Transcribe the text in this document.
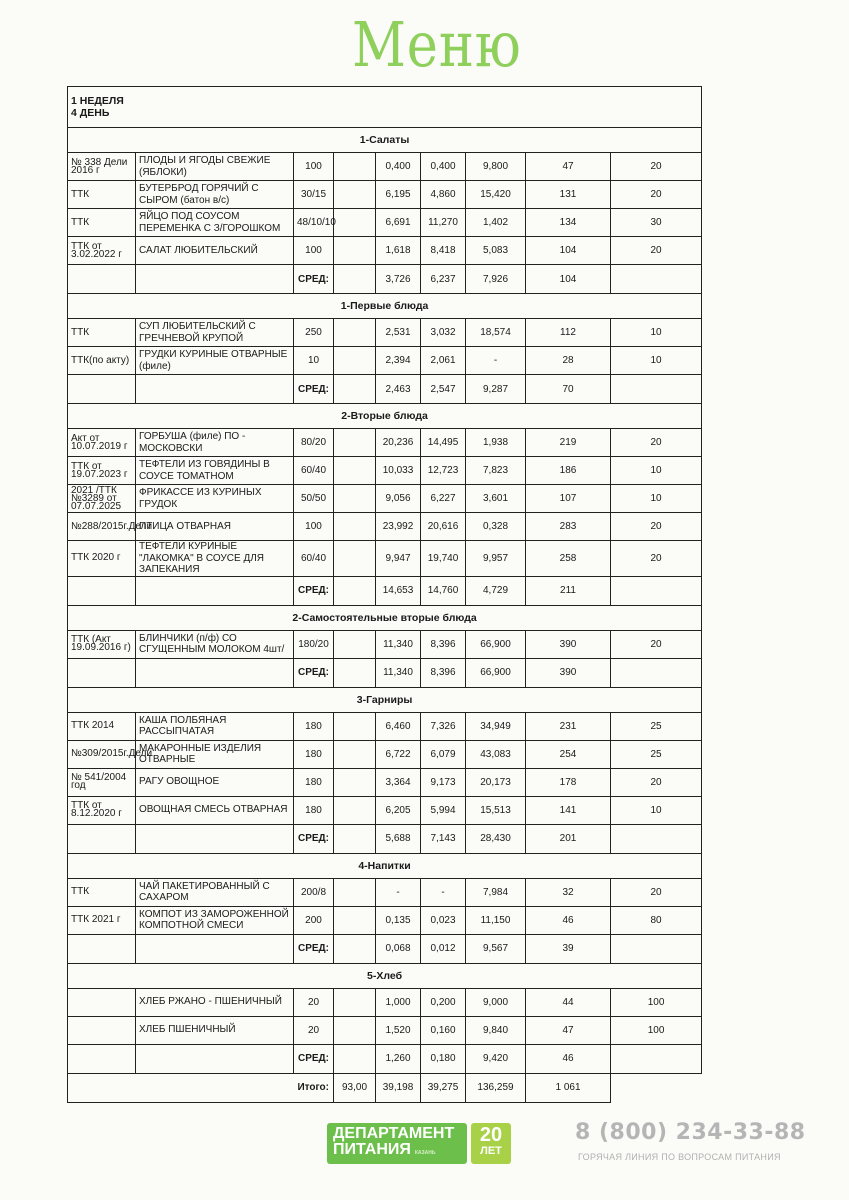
Меню
1 НЕДЕЛЯ
4 ДЕНЬ								

1-Салаты								
№ 338 Дели 2016 г	ПЛОДЫ И ЯГОДЫ СВЕЖИЕ (ЯБЛОКИ)	100		0,400	0,400	9,800	47	20
ТТК	БУТЕРБРОД ГОРЯЧИЙ С СЫРОМ (батон в/с)	30/15		6,195	4,860	15,420	131	20
ТТК	ЯЙЦО ПОД СОУСОМ ПЕРЕМЕНКА С З/ГОРОШКОМ	48/10/10		6,691	11,270	1,402	134	30
ТТК от 3.02.2022 г	САЛАТ ЛЮБИТЕЛЬСКИЙ	100		1,618	8,418	5,083	104	20
		СРЕД:		3,726	6,237	7,926	104	
1-Первые блюда								
ТТК	СУП ЛЮБИТЕЛЬСКИЙ С ГРЕЧНЕВОЙ КРУПОЙ	250		2,531	3,032	18,574	112	10
ТТК(по акту)	ГРУДКИ КУРИНЫЕ ОТВАРНЫЕ (филе)	10		2,394	2,061	-	28	10
		СРЕД:		2,463	2,547	9,287	70	
2-Вторые блюда								
Акт от 10.07.2019 г	ГОРБУША (филе) ПО - МОСКОВСКИ	80/20		20,236	14,495	1,938	219	20
ТТК от 19.07.2023 г	ТЕФТЕЛИ ИЗ ГОВЯДИНЫ В СОУСЕ ТОМАТНОМ	60/40		10,033	12,723	7,823	186	10
2021 /ТТК №3289 от 07.07.2025	ФРИКАССЕ ИЗ КУРИНЫХ ГРУДОК	50/50		9,056	6,227	3,601	107	10
№288/2015г.Дели	ПТИЦА ОТВАРНАЯ	100		23,992	20,616	0,328	283	20
ТТК 2020 г	ТЕФТЕЛИ КУРИНЫЕ "ЛАКОМКА" В СОУСЕ ДЛЯ ЗАПЕКАНИЯ	60/40		9,947	19,740	9,957	258	20
		СРЕД:		14,653	14,760	4,729	211	
2-Самостоятельные вторые блюда								
ТТК (Акт 19.09.2016 г)	БЛИНЧИКИ (п/ф) СО СГУЩЕННЫМ МОЛОКОМ 4шт/	180/20		11,340	8,396	66,900	390	20
		СРЕД:		11,340	8,396	66,900	390	
3-Гарниры								
ТТК 2014	КАША ПОЛБЯНАЯ РАССЫПЧАТАЯ	180		6,460	7,326	34,949	231	25
№309/2015г.Дели	МАКАРОННЫЕ ИЗДЕЛИЯ ОТВАРНЫЕ	180		6,722	6,079	43,083	254	25
№ 541/2004 год	РАГУ ОВОЩНОЕ	180		3,364	9,173	20,173	178	20
ТТК от 8.12.2020 г	ОВОЩНАЯ СМЕСЬ ОТВАРНАЯ	180		6,205	5,994	15,513	141	10
		СРЕД:		5,688	7,143	28,430	201	
4-Напитки								
ТТК	ЧАЙ ПАКЕТИРОВАННЫЙ С САХАРОМ	200/8		-	-	7,984	32	20
ТТК 2021 г	КОМПОТ ИЗ ЗАМОРОЖЕННОЙ КОМПОТНОЙ СМЕСИ	200		0,135	0,023	11,150	46	80
		СРЕД:		0,068	0,012	9,567	39	
5-Хлеб								
	ХЛЕБ РЖАНО - ПШЕНИЧНЫЙ	20		1,000	0,200	9,000	44	100
	ХЛЕБ ПШЕНИЧНЫЙ	20		1,520	0,160	9,840	47	100
		СРЕД:		1,260	0,180	9,420	46	
Итого:			93,00	39,198	39,275	136,259	1 061	
ДЕПАРТАМЕНТ
ПИТАНИЯ КАЗАНЬ
20
ЛЕТ
8 (800) 234-33-88
ГОРЯЧАЯ ЛИНИЯ ПО ВОПРОСАМ ПИТАНИЯ
